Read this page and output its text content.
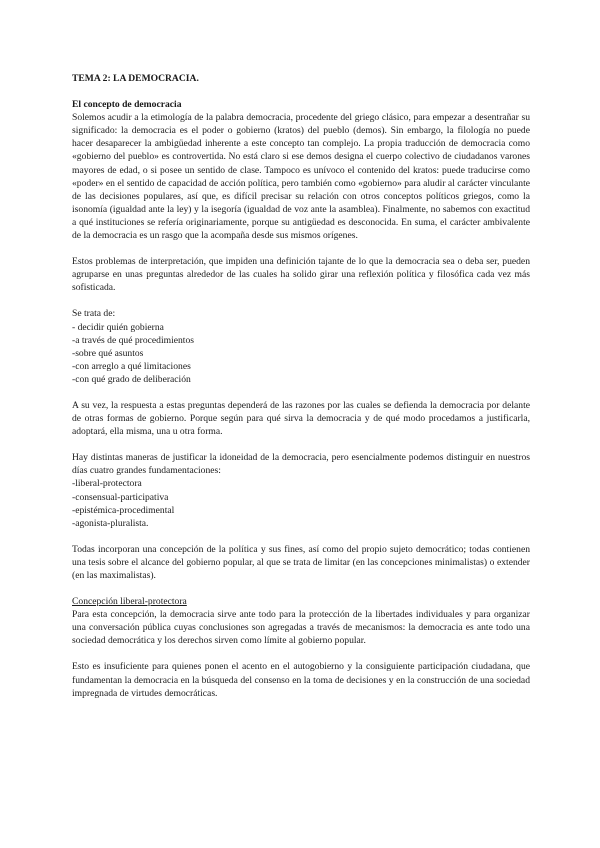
TEMA 2: LA DEMOCRACIA.
El concepto de democracia

Solemos acudir a la etimología de la palabra democracia, procedente del griego clásico, para empezar a desentrañar su significado: la democracia es el poder o gobierno (kratos) del pueblo (demos). Sin embargo, la filología no puede hacer desaparecer la ambigüedad inherente a este concepto tan complejo. La propia traducción de democracia como «gobierno del pueblo» es controvertida. No está claro si ese demos designa el cuerpo colectivo de ciudadanos varones mayores de edad, o si posee un sentido de clase. Tampoco es unívoco el contenido del kratos: puede traducirse como «poder» en el sentido de capacidad de acción política, pero también como «gobierno» para aludir al carácter vinculante de las decisiones populares, así que, es difícil precisar su relación con otros conceptos políticos griegos, como la isonomía (igualdad ante la ley) y la isegoría (igualdad de voz ante la asamblea). Finalmente, no sabemos con exactitud a qué instituciones se refería originariamente, porque su antigüedad es desconocida. En suma, el carácter ambivalente de la democracia es un rasgo que la acompaña desde sus mismos orígenes.

Estos problemas de interpretación, que impiden una definición tajante de lo que la democracia sea o deba ser, pueden agruparse en unas preguntas alrededor de las cuales ha solido girar una reflexión política y filosófica cada vez más sofisticada.

Se trata de:
- decidir quién gobierna
-a través de qué procedimientos
-sobre qué asuntos
-con arreglo a qué limitaciones
-con qué grado de deliberación

A su vez, la respuesta a estas preguntas dependerá de las razones por las cuales se defienda la democracia por delante de otras formas de gobierno. Porque según para qué sirva la democracia y de qué modo procedamos a justificarla, adoptará, ella misma, una u otra forma.

Hay distintas maneras de justificar la idoneidad de la democracia, pero esencialmente podemos distinguir en nuestros días cuatro grandes fundamentaciones:

-liberal-protectora
-consensual-participativa
-epistémica-procedimental
-agonista-pluralista.

Todas incorporan una concepción de la política y sus fines, así como del propio sujeto democrático; todas contienen una tesis sobre el alcance del gobierno popular, al que se trata de limitar (en las concepciones minimalistas) o extender (en las maximalistas).

Concepción liberal-protectora

Para esta concepción, la democracia sirve ante todo para la protección de la libertades individuales y para organizar una conversación pública cuyas conclusiones son agregadas a través de mecanismos: la democracia es ante todo una sociedad democrática y los derechos sirven como límite al gobierno popular.

Esto es insuficiente para quienes ponen el acento en el autogobierno y la consiguiente participación ciudadana, que fundamentan la democracia en la búsqueda del consenso en la toma de decisiones y en la construcción de una sociedad impregnada de virtudes democráticas.
